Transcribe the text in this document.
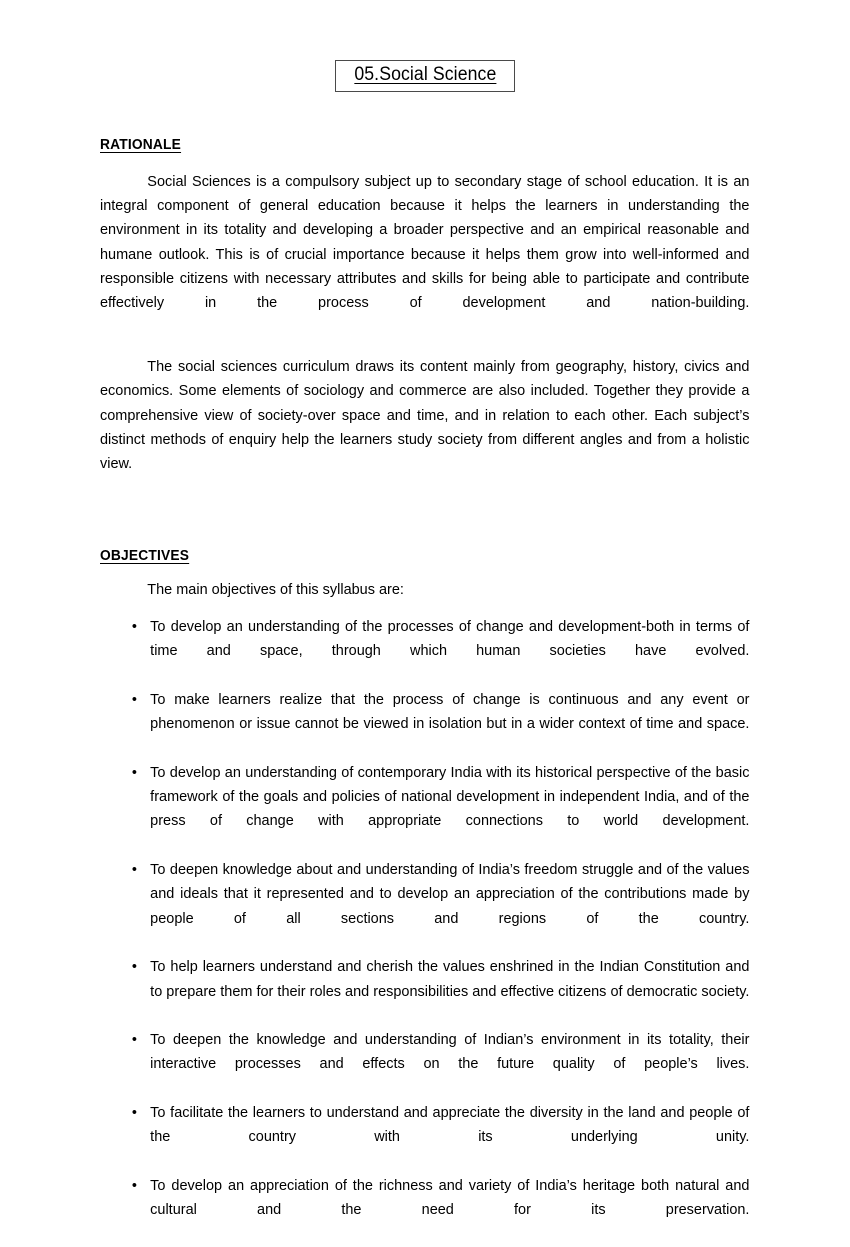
05.Social Science
RATIONALE

Social Sciences is a compulsory subject up to secondary stage of school education. It is an integral component of general education because it helps the learners in understanding the environment in its totality and developing a broader perspective and an empirical reasonable and humane outlook. This is of crucial importance because it helps them grow into well-informed and responsible citizens with necessary attributes and skills for being able to participate and contribute effectively in the process of development and nation-building.

The social sciences curriculum draws its content mainly from geography, history, civics and economics. Some elements of sociology and commerce are also included. Together they provide a comprehensive view of society-over space and time, and in relation to each other. Each subject’s distinct methods of enquiry help the learners study society from different angles and from a holistic view.

OBJECTIVES

The main objectives of this syllabus are:

• To develop an understanding of the processes of change and development-both in terms of time and space, through which human societies have evolved.
• To make learners realize that the process of change is continuous and any event or phenomenon or issue cannot be viewed in isolation but in a wider context of time and space.
• To develop an understanding of contemporary India with its historical perspective of the basic framework of the goals and policies of national development in independent India, and of the press of change with appropriate connections to world development.
• To deepen knowledge about and understanding of India’s freedom struggle and of the values and ideals that it represented and to develop an appreciation of the contributions made by people of all sections and regions of the country.
• To help learners understand and cherish the values enshrined in the Indian Constitution and to prepare them for their roles and responsibilities and effective citizens of democratic society.
• To deepen the knowledge and understanding of Indian’s environment in its totality, their interactive processes and effects on the future quality of people’s lives.
• To facilitate the learners to understand and appreciate the diversity in the land and people of the country with its underlying unity.
• To develop an appreciation of the richness and variety of India’s heritage both natural and cultural and the need for its preservation.
